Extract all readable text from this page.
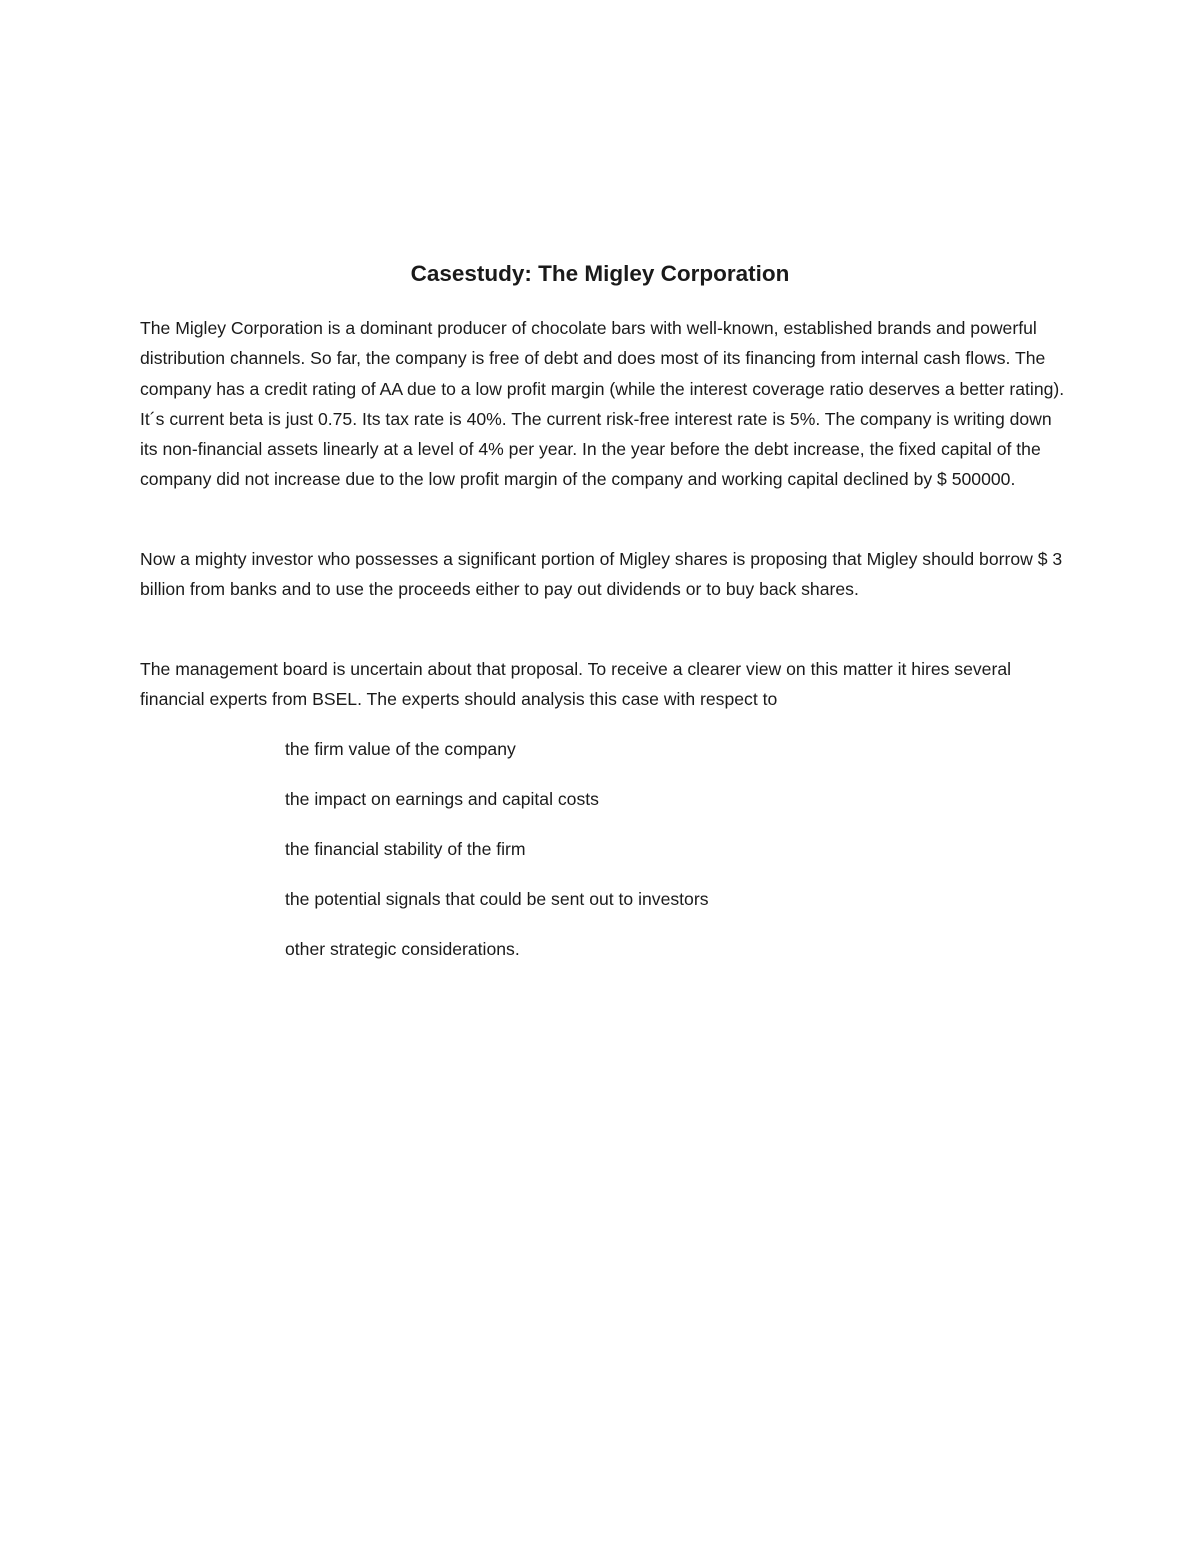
Casestudy: The Migley Corporation

The Migley Corporation is a dominant producer of chocolate bars with well-known, established brands and powerful distribution channels. So far, the company is free of debt and does most of its financing from internal cash flows. The company has a credit rating of AA due to a low profit margin (while the interest coverage ratio deserves a better rating). It´s current beta is just 0.75. Its tax rate is 40%. The current risk-free interest rate is 5%. The company is writing down its non-financial assets linearly at a level of 4% per year. In the year before the debt increase, the fixed capital of the company did not increase due to the low profit margin of the company and working capital declined by $ 500000.

Now a mighty investor who possesses a significant portion of Migley shares is proposing that Migley should borrow $ 3 billion from banks and to use the proceeds either to pay out dividends or to buy back shares.

The management board is uncertain about that proposal. To receive a clearer view on this matter it hires several financial experts from BSEL. The experts should analysis this case with respect to

the firm value of the company
the impact on earnings and capital costs
the financial stability of the firm
the potential signals that could be sent out to investors
other strategic considerations.
